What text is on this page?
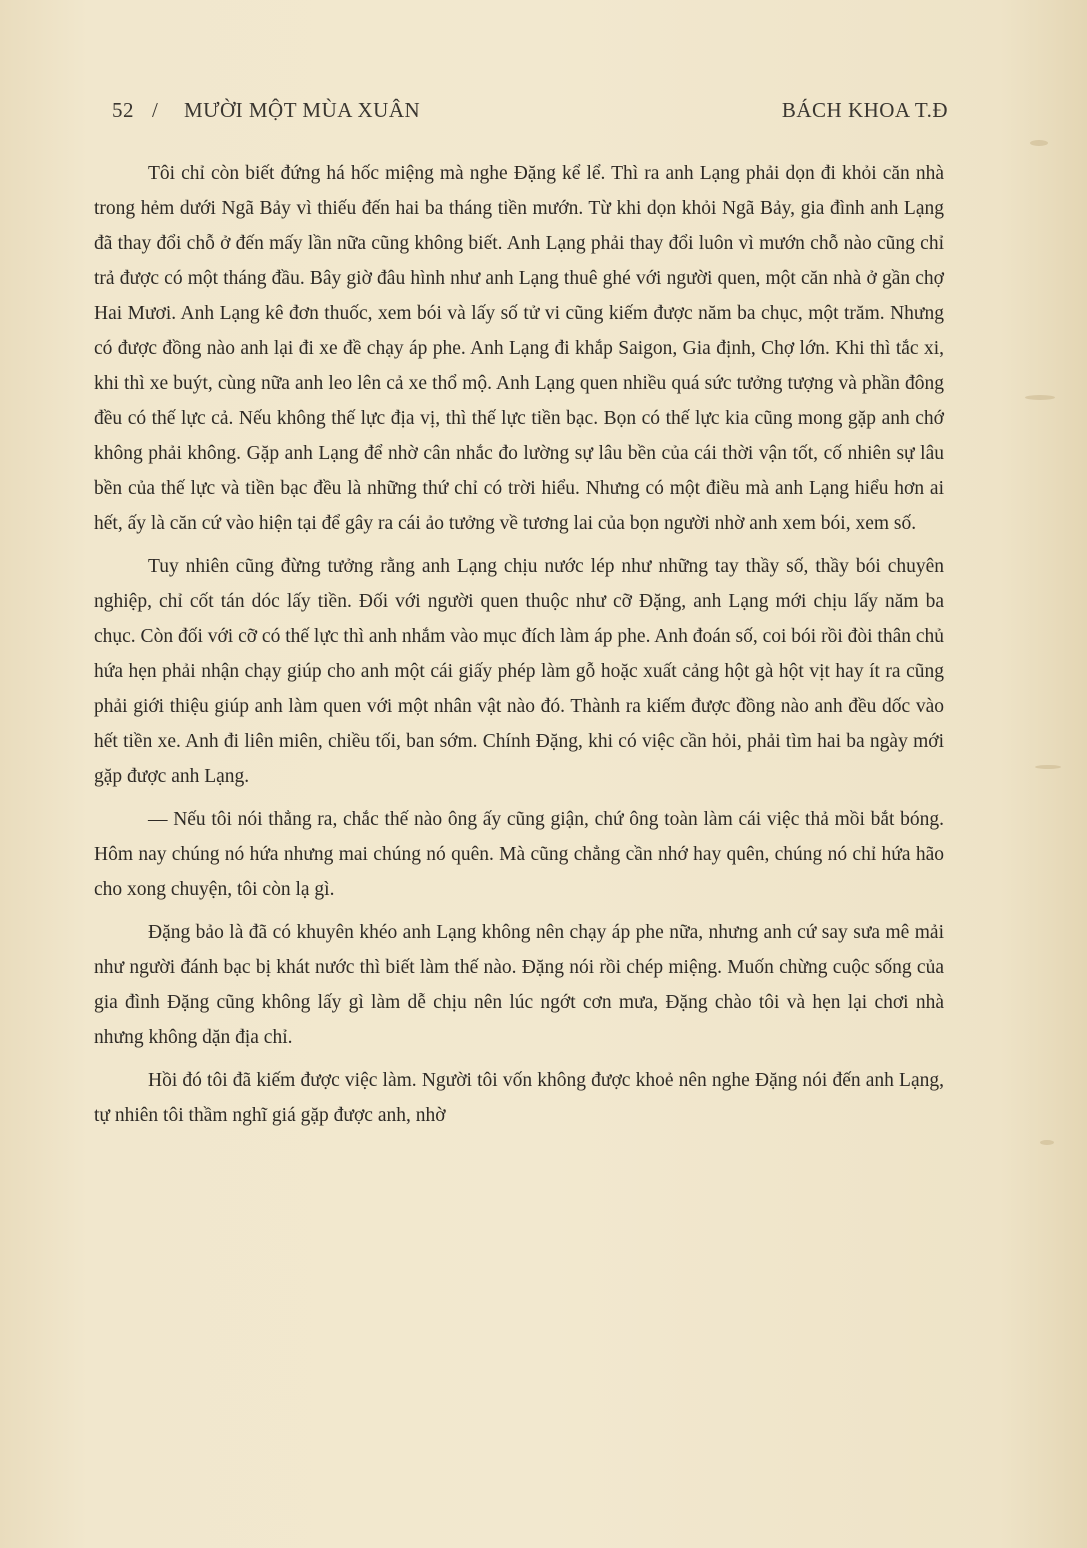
52 / MƯỜI MỘT MÙA XUÂN	BÁCH KHOA T.Đ

Tôi chỉ còn biết đứng há hốc miệng mà nghe Đặng kể lể. Thì ra anh Lạng phải dọn đi khỏi căn nhà trong hẻm dưới Ngã Bảy vì thiếu đến hai ba tháng tiền mướn. Từ khi dọn khỏi Ngã Bảy, gia đình anh Lạng đã thay đổi chỗ ở đến mấy lần nữa cũng không biết. Anh Lạng phải thay đổi luôn vì mướn chỗ nào cũng chỉ trả được có một tháng đầu. Bây giờ đâu hình như anh Lạng thuê ghé với người quen, một căn nhà ở gần chợ Hai Mươi. Anh Lạng kê đơn thuốc, xem bói và lấy số tử vi cũng kiếm được năm ba chục, một trăm. Nhưng có được đồng nào anh lại đi xe đề chạy áp phe. Anh Lạng đi khắp Saigon, Gia định, Chợ lớn. Khi thì tắc xi, khi thì xe buýt, cùng nữa anh leo lên cả xe thổ mộ. Anh Lạng quen nhiều quá sức tưởng tượng và phần đông đều có thế lực cả. Nếu không thế lực địa vị, thì thế lực tiền bạc. Bọn có thế lực kia cũng mong gặp anh chớ không phải không. Gặp anh Lạng để nhờ cân nhắc đo lường sự lâu bền của cái thời vận tốt, cố nhiên sự lâu bền của thế lực và tiền bạc đều là những thứ chỉ có trời hiểu. Nhưng có một điều mà anh Lạng hiểu hơn ai hết, ấy là căn cứ vào hiện tại để gây ra cái ảo tưởng về tương lai của bọn người nhờ anh xem bói, xem số.

Tuy nhiên cũng đừng tưởng rằng anh Lạng chịu nước lép như những tay thầy số, thầy bói chuyên nghiệp, chỉ cốt tán dóc lấy tiền. Đối với người quen thuộc như cỡ Đặng, anh Lạng mới chịu lấy năm ba chục. Còn đối với cỡ có thế lực thì anh nhắm vào mục đích làm áp phe. Anh đoán số, coi bói rồi đòi thân chủ hứa hẹn phải nhận chạy giúp cho anh một cái giấy phép làm gỗ hoặc xuất cảng hột gà hột vịt hay ít ra cũng phải giới thiệu giúp anh làm quen với một nhân vật nào đó. Thành ra kiếm được đồng nào anh đều dốc vào hết tiền xe. Anh đi liên miên, chiều tối, ban sớm. Chính Đặng, khi có việc cần hỏi, phải tìm hai ba ngày mới gặp được anh Lạng.

— Nếu tôi nói thẳng ra, chắc thế nào ông ấy cũng giận, chứ ông toàn làm cái việc thả mồi bắt bóng. Hôm nay chúng nó hứa nhưng mai chúng nó quên. Mà cũng chẳng cần nhớ hay quên, chúng nó chỉ hứa hão cho xong chuyện, tôi còn lạ gì.

Đặng bảo là đã có khuyên khéo anh Lạng không nên chạy áp phe nữa, nhưng anh cứ say sưa mê mải như người đánh bạc bị khát nước thì biết làm thế nào. Đặng nói rồi chép miệng. Muốn chừng cuộc sống của gia đình Đặng cũng không lấy gì làm dễ chịu nên lúc ngớt cơn mưa, Đặng chào tôi và hẹn lại chơi nhà nhưng không dặn địa chỉ.

Hồi đó tôi đã kiếm được việc làm. Người tôi vốn không được khoẻ nên nghe Đặng nói đến anh Lạng, tự nhiên tôi thầm nghĩ giá gặp được anh, nhờ
